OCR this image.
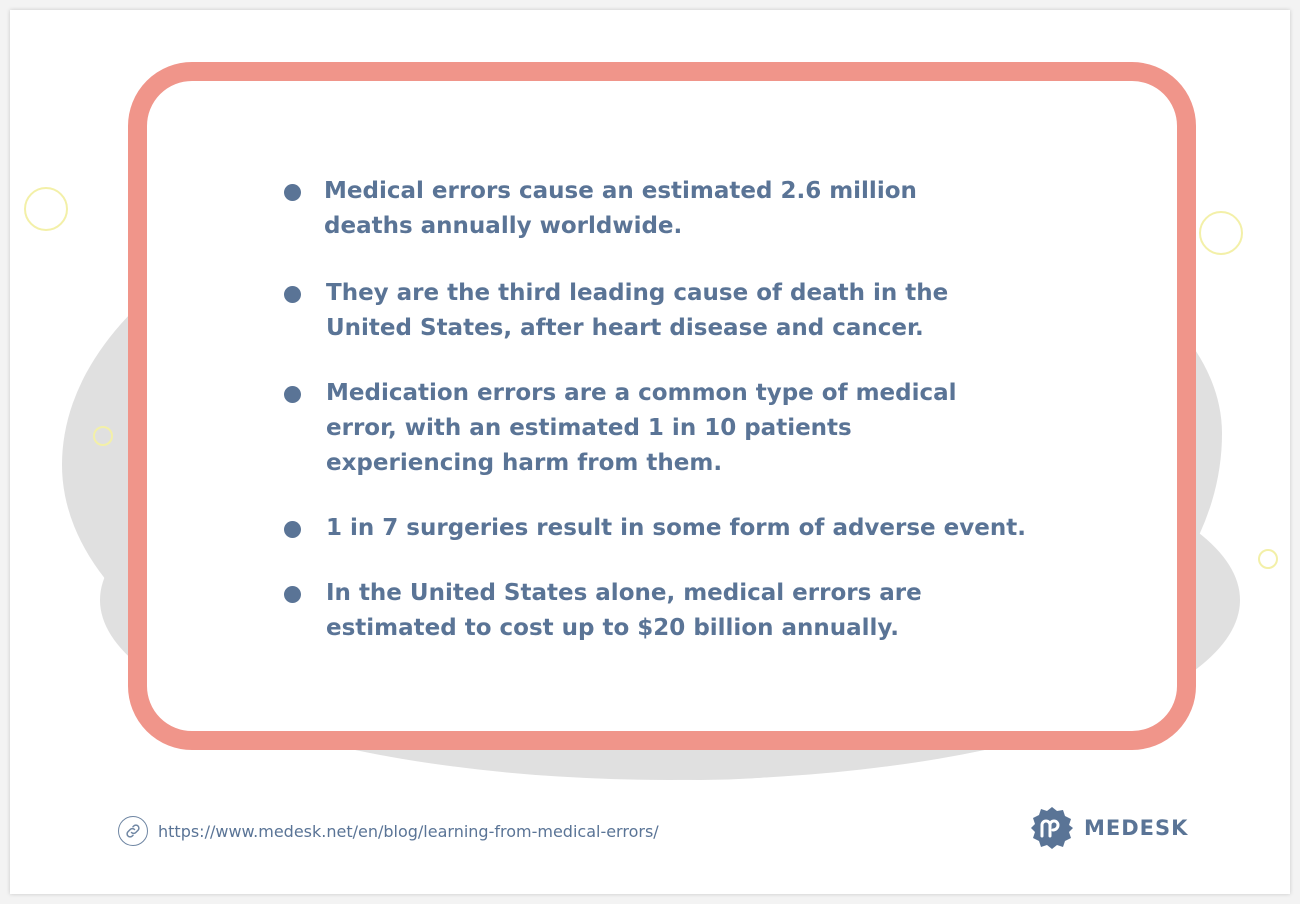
Medical errors cause an estimated 2.6 million deaths annually worldwide.
They are the third leading cause of death in the United States, after heart disease and cancer.
Medication errors are a common type of medical error, with an estimated 1 in 10 patients experiencing harm from them.
1 in 7 surgeries result in some form of adverse event.
In the United States alone, medical errors are estimated to cost up to $20 billion annually.
https://www.medesk.net/en/blog/learning-from-medical-errors/	MEDESK
